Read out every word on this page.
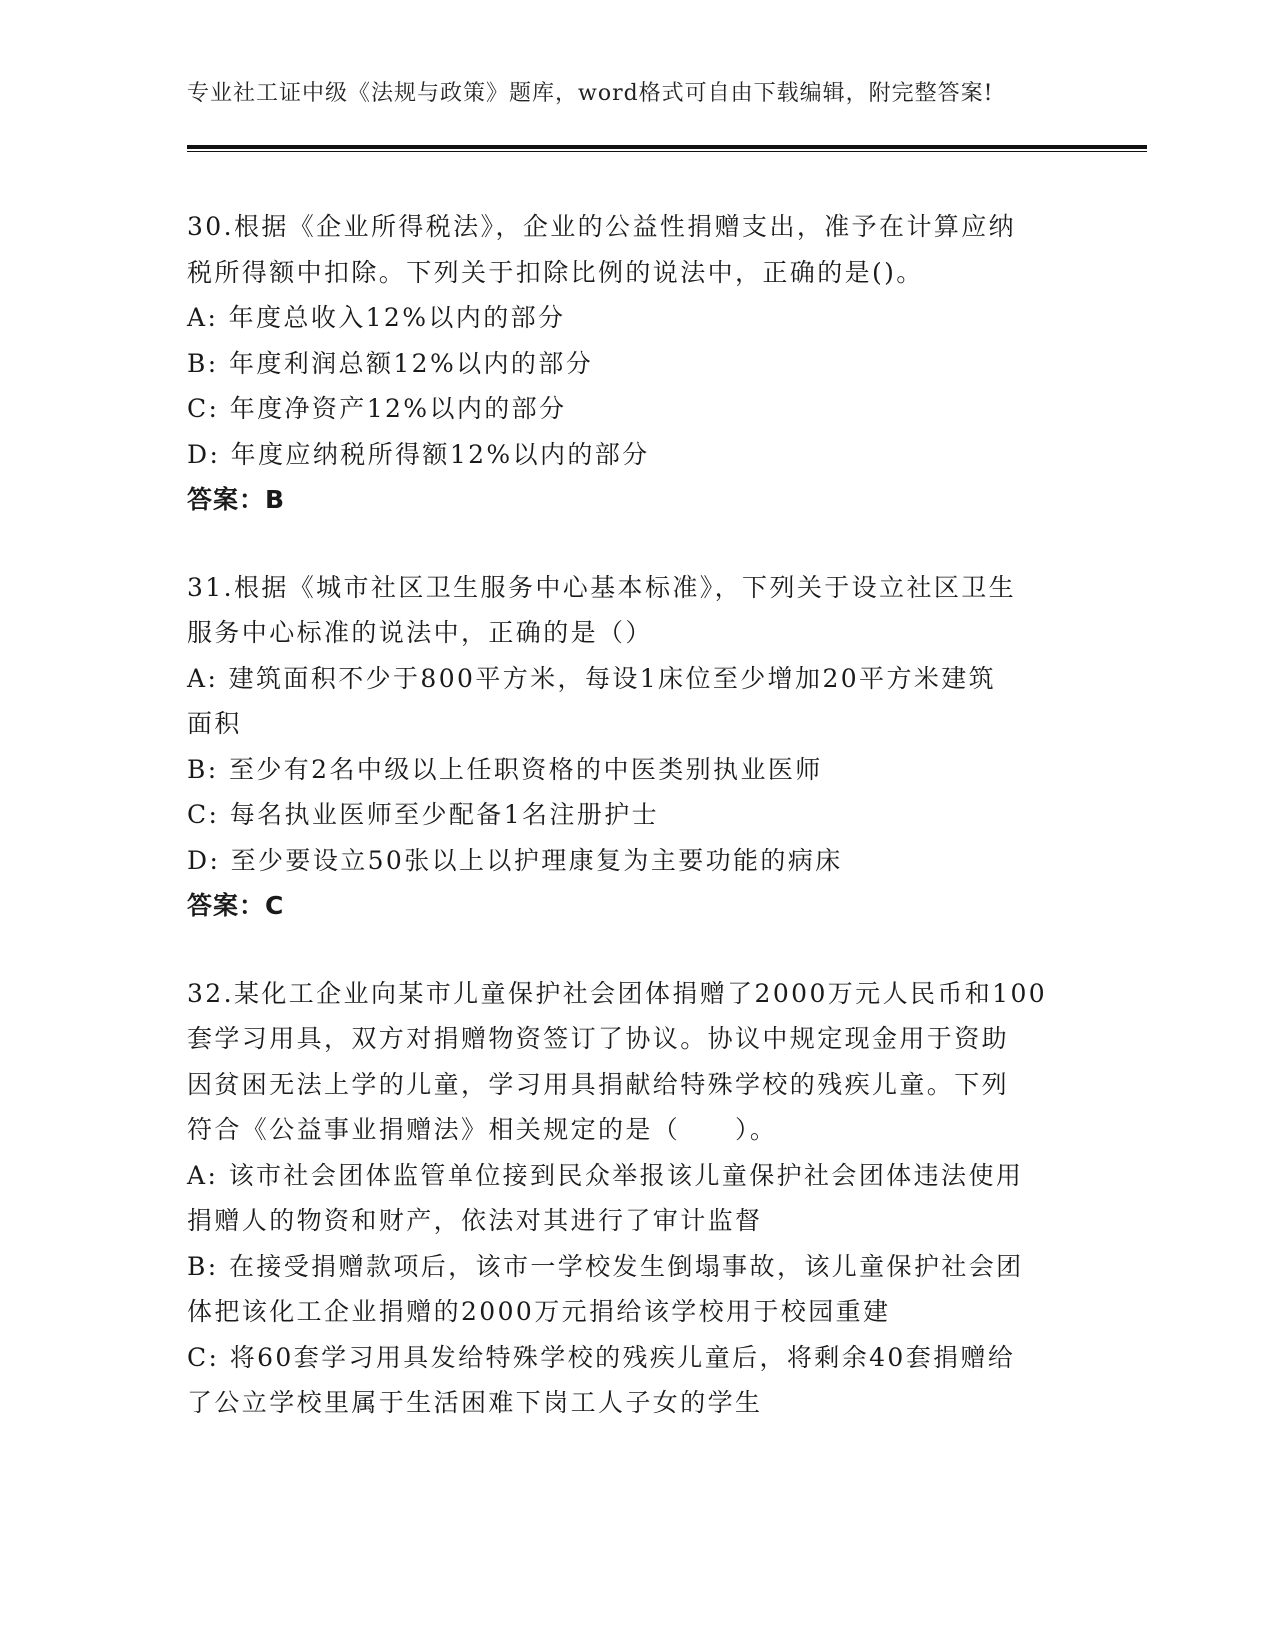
专业社工证中级《法规与政策》题库，word格式可自由下载编辑，附完整答案!

30.根据《企业所得税法》，企业的公益性捐赠支出，准予在计算应纳

税所得额中扣除。下列关于扣除比例的说法中，正确的是()。

A: 年度总收入12%以内的部分

B: 年度利润总额12%以内的部分

C: 年度净资产12%以内的部分

D: 年度应纳税所得额12%以内的部分

答案：B

31.根据《城市社区卫生服务中心基本标准》，下列关于设立社区卫生

服务中心标准的说法中，正确的是（）

A: 建筑面积不少于800平方米，每设1床位至少增加20平方米建筑

面积

B: 至少有2名中级以上任职资格的中医类别执业医师

C: 每名执业医师至少配备1名注册护士

D: 至少要设立50张以上以护理康复为主要功能的病床

答案：C

32.某化工企业向某市儿童保护社会团体捐赠了2000万元人民币和100

套学习用具，双方对捐赠物资签订了协议。协议中规定现金用于资助

因贫困无法上学的儿童，学习用具捐献给特殊学校的残疾儿童。下列

符合《公益事业捐赠法》相关规定的是（　　）。

A: 该市社会团体监管单位接到民众举报该儿童保护社会团体违法使用

捐赠人的物资和财产，依法对其进行了审计监督

B: 在接受捐赠款项后，该市一学校发生倒塌事故，该儿童保护社会团

体把该化工企业捐赠的2000万元捐给该学校用于校园重建

C: 将60套学习用具发给特殊学校的残疾儿童后，将剩余40套捐赠给

了公立学校里属于生活困难下岗工人子女的学生
